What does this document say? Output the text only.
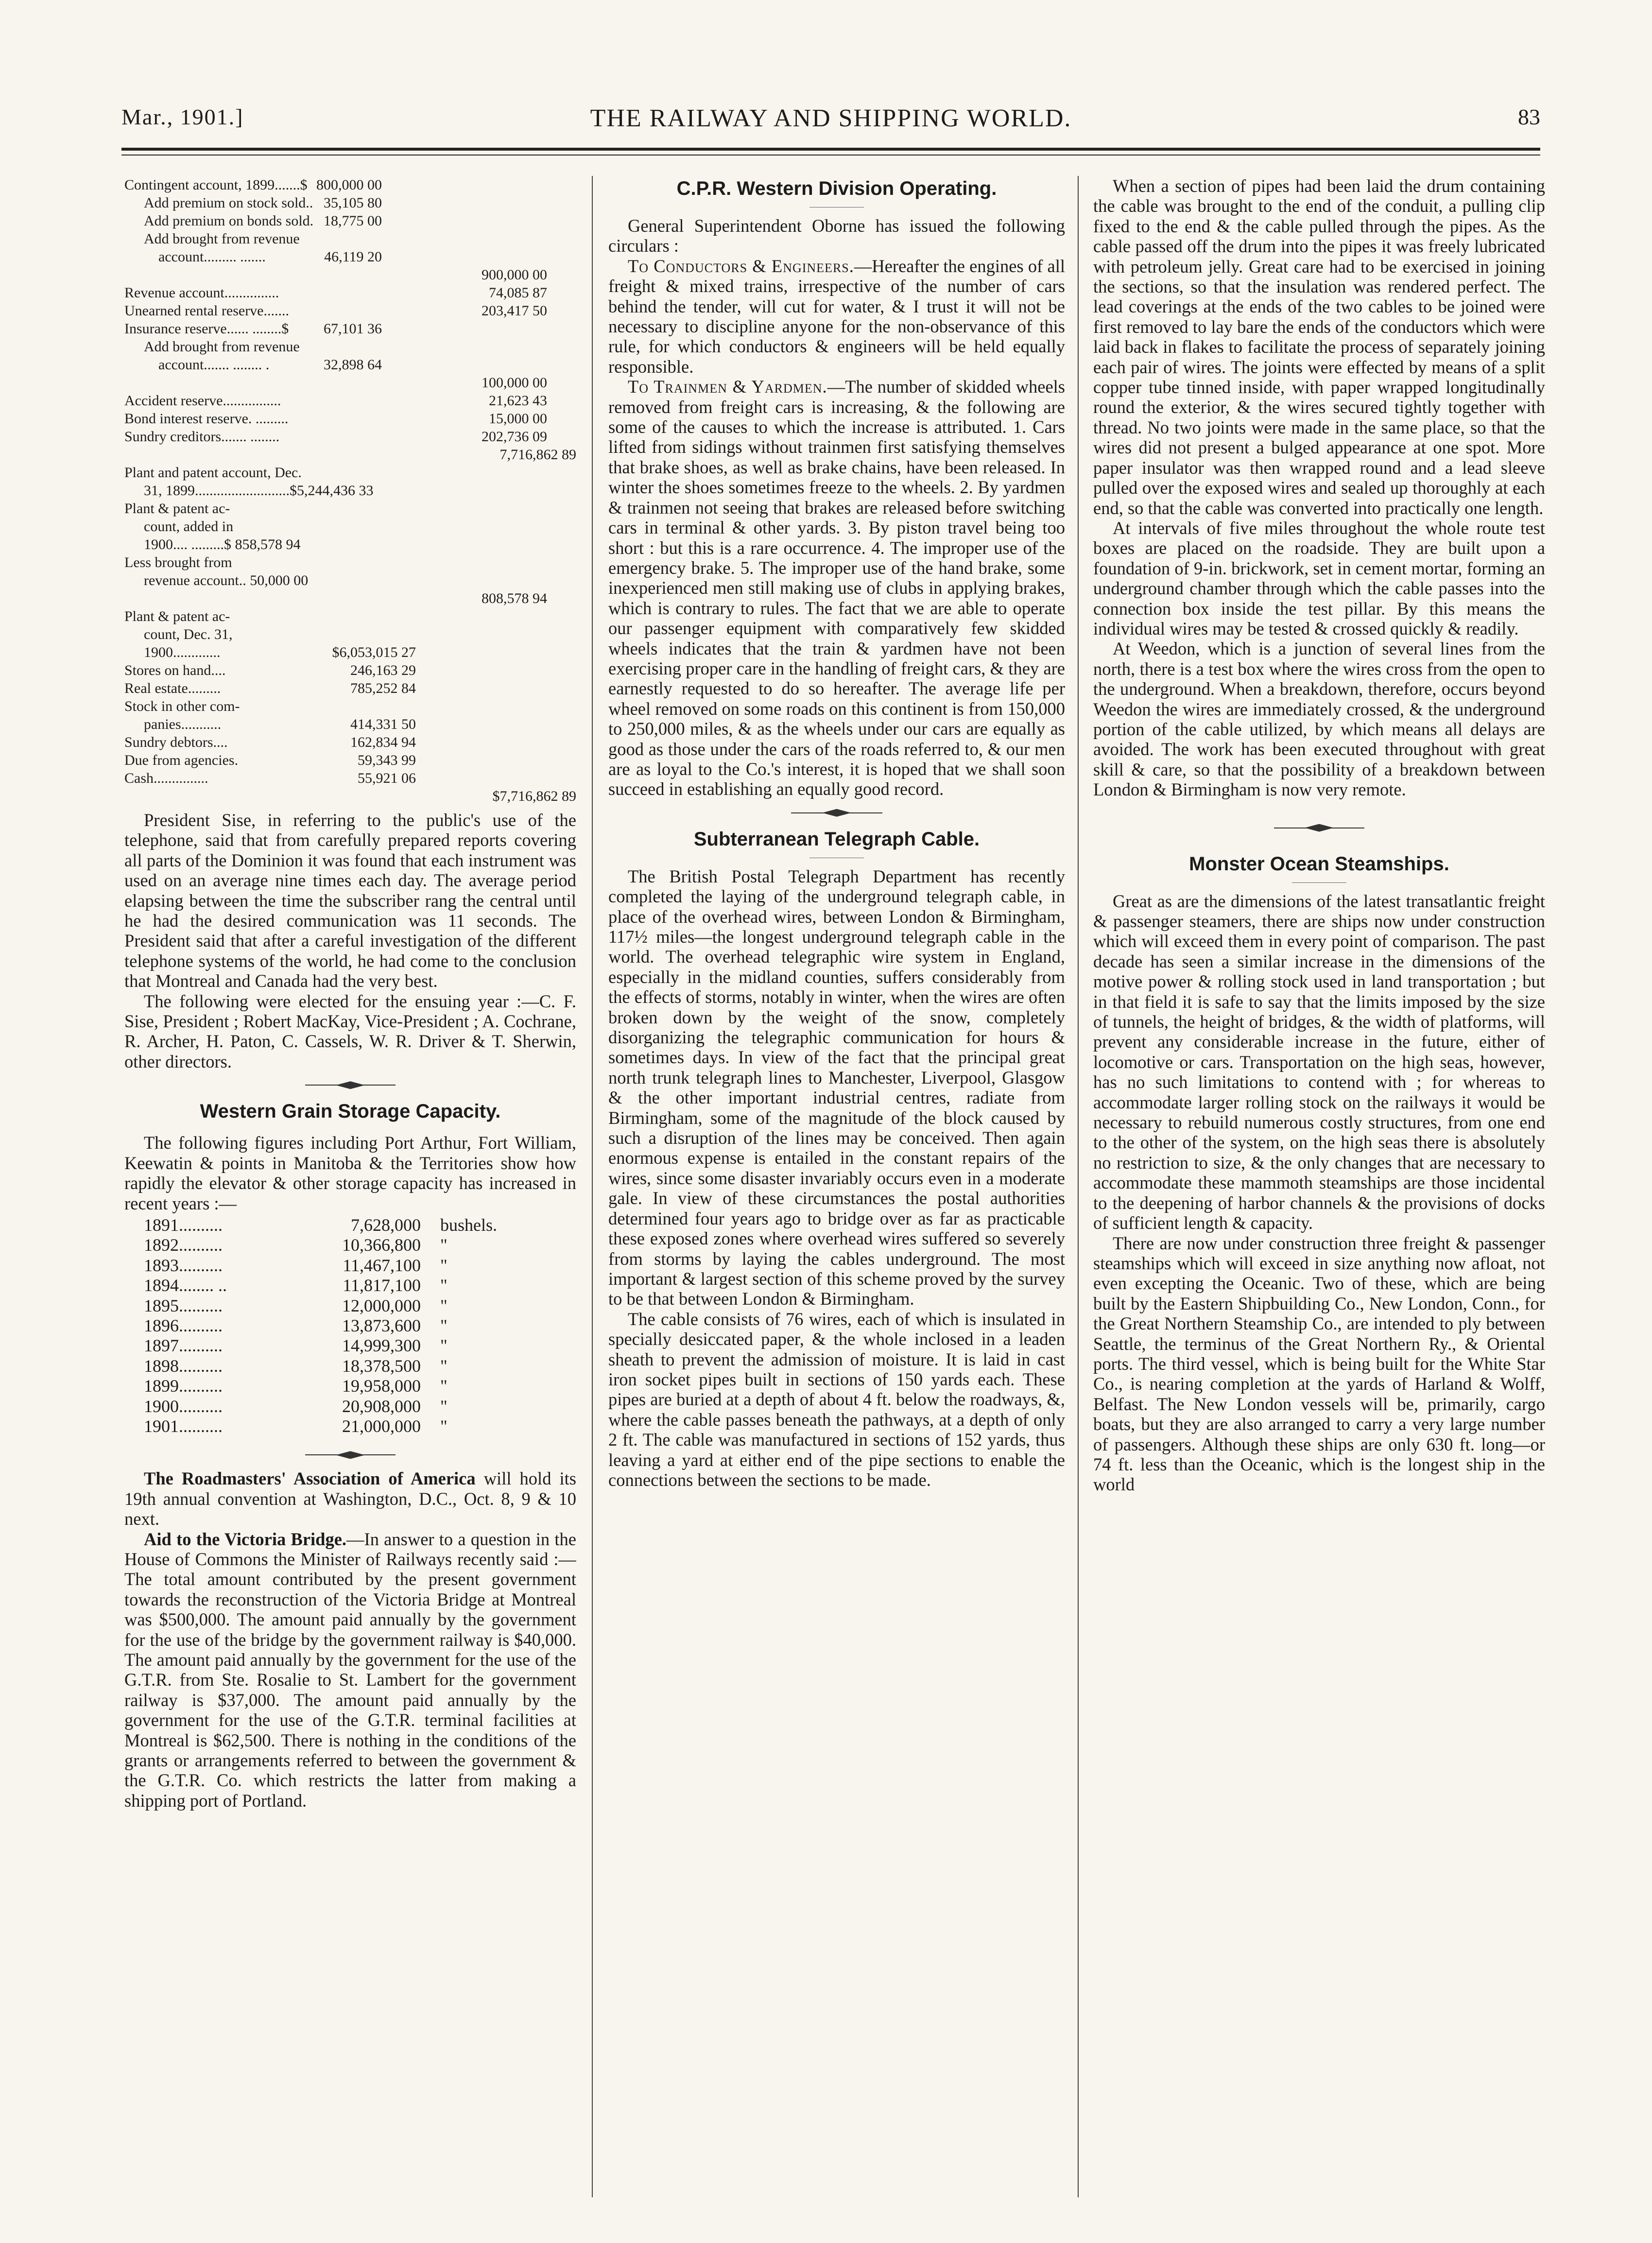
Mar., 1901.]	THE RAILWAY AND SHIPPING WORLD.	83
Contingent account, 1899.......$ 800,000 00
Add premium on stock sold.. 35,105 80
Add premium on bonds sold. 18,775 00
Add brought from revenue
account......... .......	46,119 20
900,000 00
Revenue account...............	74,085 87
Unearned rental reserve.......	203,417 50
Insurance reserve...... ........$ 67,101 36
Add brought from revenue
account....... ........ .	32,898 64
100,000 00
Accident reserve................	21,623 43
Bond interest reserve. .........	15,000 00
Sundry creditors....... ........	202,736 09
7,716,862 89
Plant and patent account, Dec.
31, 1899..........................$5,244,436 33
Plant & patent ac-
count, added in
1900.... .........$ 858,578 94
Less brought from
revenue account.. 50,000 00
808,578 94
Plant & patent ac-
count, Dec. 31,
1900.............	$6,053,015 27
Stores on hand....	246,163 29
Real estate.........	785,252 84
Stock in other com-
panies...........	414,331 50
Sundry debtors....	162,834 94
Due from agencies.	59,343 99
Cash...............	55,921 06
$7,716,862 89

President Sise, in referring to the public's use of the telephone, said that from carefully prepared reports covering all parts of the Dominion it was found that each instrument was used on an average nine times each day. The average period elapsing between the time the subscriber rang the central until he had the desired communication was 11 seconds. The President said that after a careful investigation of the different telephone systems of the world, he had come to the conclusion that Montreal and Canada had the very best.

The following were elected for the ensuing year :—C. F. Sise, President ; Robert MacKay, Vice-President ; A. Cochrane, R. Archer, H. Paton, C. Cassels, W. R. Driver & T. Sherwin, other directors.

Western Grain Storage Capacity.

The following figures including Port Arthur, Fort William, Keewatin & points in Manitoba & the Territories show how rapidly the elevator & other storage capacity has increased in recent years :—

1891..........	7,628,000	bushels.
1892..........	10,366,800	"
1893..........	11,467,100	"
1894........ ..	11,817,100	"
1895..........	12,000,000	"
1896..........	13,873,600	"
1897..........	14,999,300	"
1898..........	18,378,500	"
1899..........	19,958,000	"
1900..........	20,908,000	"
1901..........	21,000,000	"

The Roadmasters' Association of America will hold its 19th annual convention at Washington, D.C., Oct. 8, 9 & 10 next.

Aid to the Victoria Bridge.—In answer to a question in the House of Commons the Minister of Railways recently said :—The total amount contributed by the present government towards the reconstruction of the Victoria Bridge at Montreal was $500,000. The amount paid annually by the government for the use of the bridge by the government railway is $40,000. The amount paid annually by the government for the use of the G.T.R. from Ste. Rosalie to St. Lambert for the government railway is $37,000. The amount paid annually by the government for the use of the G.T.R. terminal facilities at Montreal is $62,500. There is nothing in the conditions of the grants or arrangements referred to between the government & the G.T.R. Co. which restricts the latter from making a shipping port of Portland.

C.P.R. Western Division Operating.

General Superintendent Oborne has issued the following circulars :

To Conductors & Engineers.—Hereafter the engines of all freight & mixed trains, irrespective of the number of cars behind the tender, will cut for water, & I trust it will not be necessary to discipline anyone for the non-observance of this rule, for which conductors & engineers will be held equally responsible.

To Trainmen & Yardmen.—The number of skidded wheels removed from freight cars is increasing, & the following are some of the causes to which the increase is attributed. 1. Cars lifted from sidings without trainmen first satisfying themselves that brake shoes, as well as brake chains, have been released. In winter the shoes sometimes freeze to the wheels. 2. By yardmen & trainmen not seeing that brakes are released before switching cars in terminal & other yards. 3. By piston travel being too short : but this is a rare occurrence. 4. The improper use of the emergency brake. 5. The improper use of the hand brake, some inexperienced men still making use of clubs in applying brakes, which is contrary to rules. The fact that we are able to operate our passenger equipment with comparatively few skidded wheels indicates that the train & yardmen have not been exercising proper care in the handling of freight cars, & they are earnestly requested to do so hereafter. The average life per wheel removed on some roads on this continent is from 150,000 to 250,000 miles, & as the wheels under our cars are equally as good as those under the cars of the roads referred to, & our men are as loyal to the Co.'s interest, it is hoped that we shall soon succeed in establishing an equally good record.

Subterranean Telegraph Cable.

The British Postal Telegraph Department has recently completed the laying of the underground telegraph cable, in place of the overhead wires, between London & Birmingham, 117½ miles—the longest underground telegraph cable in the world. The overhead telegraphic wire system in England, especially in the midland counties, suffers considerably from the effects of storms, notably in winter, when the wires are often broken down by the weight of the snow, completely disorganizing the telegraphic communication for hours & sometimes days. In view of the fact that the principal great north trunk telegraph lines to Manchester, Liverpool, Glasgow & the other important industrial centres, radiate from Birmingham, some of the magnitude of the block caused by such a disruption of the lines may be conceived. Then again enormous expense is entailed in the constant repairs of the wires, since some disaster invariably occurs even in a moderate gale. In view of these circumstances the postal authorities determined four years ago to bridge over as far as practicable these exposed zones where overhead wires suffered so severely from storms by laying the cables underground. The most important & largest section of this scheme proved by the survey to be that between London & Birmingham.

The cable consists of 76 wires, each of which is insulated in specially desiccated paper, & the whole inclosed in a leaden sheath to prevent the admission of moisture. It is laid in cast iron socket pipes built in sections of 150 yards each. These pipes are buried at a depth of about 4 ft. below the roadways, &, where the cable passes beneath the pathways, at a depth of only 2 ft. The cable was manufactured in sections of 152 yards, thus leaving a yard at either end of the pipe sections to enable the connections between the sections to be made.

When a section of pipes had been laid the drum containing the cable was brought to the end of the conduit, a pulling clip fixed to the end & the cable pulled through the pipes. As the cable passed off the drum into the pipes it was freely lubricated with petroleum jelly. Great care had to be exercised in joining the sections, so that the insulation was rendered perfect. The lead coverings at the ends of the two cables to be joined were first removed to lay bare the ends of the conductors which were laid back in flakes to facilitate the process of separately joining each pair of wires. The joints were effected by means of a split copper tube tinned inside, with paper wrapped longitudinally round the exterior, & the wires secured tightly together with thread. No two joints were made in the same place, so that the wires did not present a bulged appearance at one spot. More paper insulator was then wrapped round and a lead sleeve pulled over the exposed wires and sealed up thoroughly at each end, so that the cable was converted into practically one length.

At intervals of five miles throughout the whole route test boxes are placed on the roadside. They are built upon a foundation of 9-in. brickwork, set in cement mortar, forming an underground chamber through which the cable passes into the connection box inside the test pillar. By this means the individual wires may be tested & crossed quickly & readily.

At Weedon, which is a junction of several lines from the north, there is a test box where the wires cross from the open to the underground. When a breakdown, therefore, occurs beyond Weedon the wires are immediately crossed, & the underground portion of the cable utilized, by which means all delays are avoided. The work has been executed throughout with great skill & care, so that the possibility of a breakdown between London & Birmingham is now very remote.

Monster Ocean Steamships.

Great as are the dimensions of the latest transatlantic freight & passenger steamers, there are ships now under construction which will exceed them in every point of comparison. The past decade has seen a similar increase in the dimensions of the motive power & rolling stock used in land transportation ; but in that field it is safe to say that the limits imposed by the size of tunnels, the height of bridges, & the width of platforms, will prevent any considerable increase in the future, either of locomotive or cars. Transportation on the high seas, however, has no such limitations to contend with ; for whereas to accommodate larger rolling stock on the railways it would be necessary to rebuild numerous costly structures, from one end to the other of the system, on the high seas there is absolutely no restriction to size, & the only changes that are necessary to accommodate these mammoth steamships are those incidental to the deepening of harbor channels & the provisions of docks of sufficient length & capacity.

There are now under construction three freight & passenger steamships which will exceed in size anything now afloat, not even excepting the Oceanic. Two of these, which are being built by the Eastern Shipbuilding Co., New London, Conn., for the Great Northern Steamship Co., are intended to ply between Seattle, the terminus of the Great Northern Ry., & Oriental ports. The third vessel, which is being built for the White Star Co., is nearing completion at the yards of Harland & Wolff, Belfast. The New London vessels will be, primarily, cargo boats, but they are also arranged to carry a very large number of passengers. Although these ships are only 630 ft. long—or 74 ft. less than the Oceanic, which is the longest ship in the world
